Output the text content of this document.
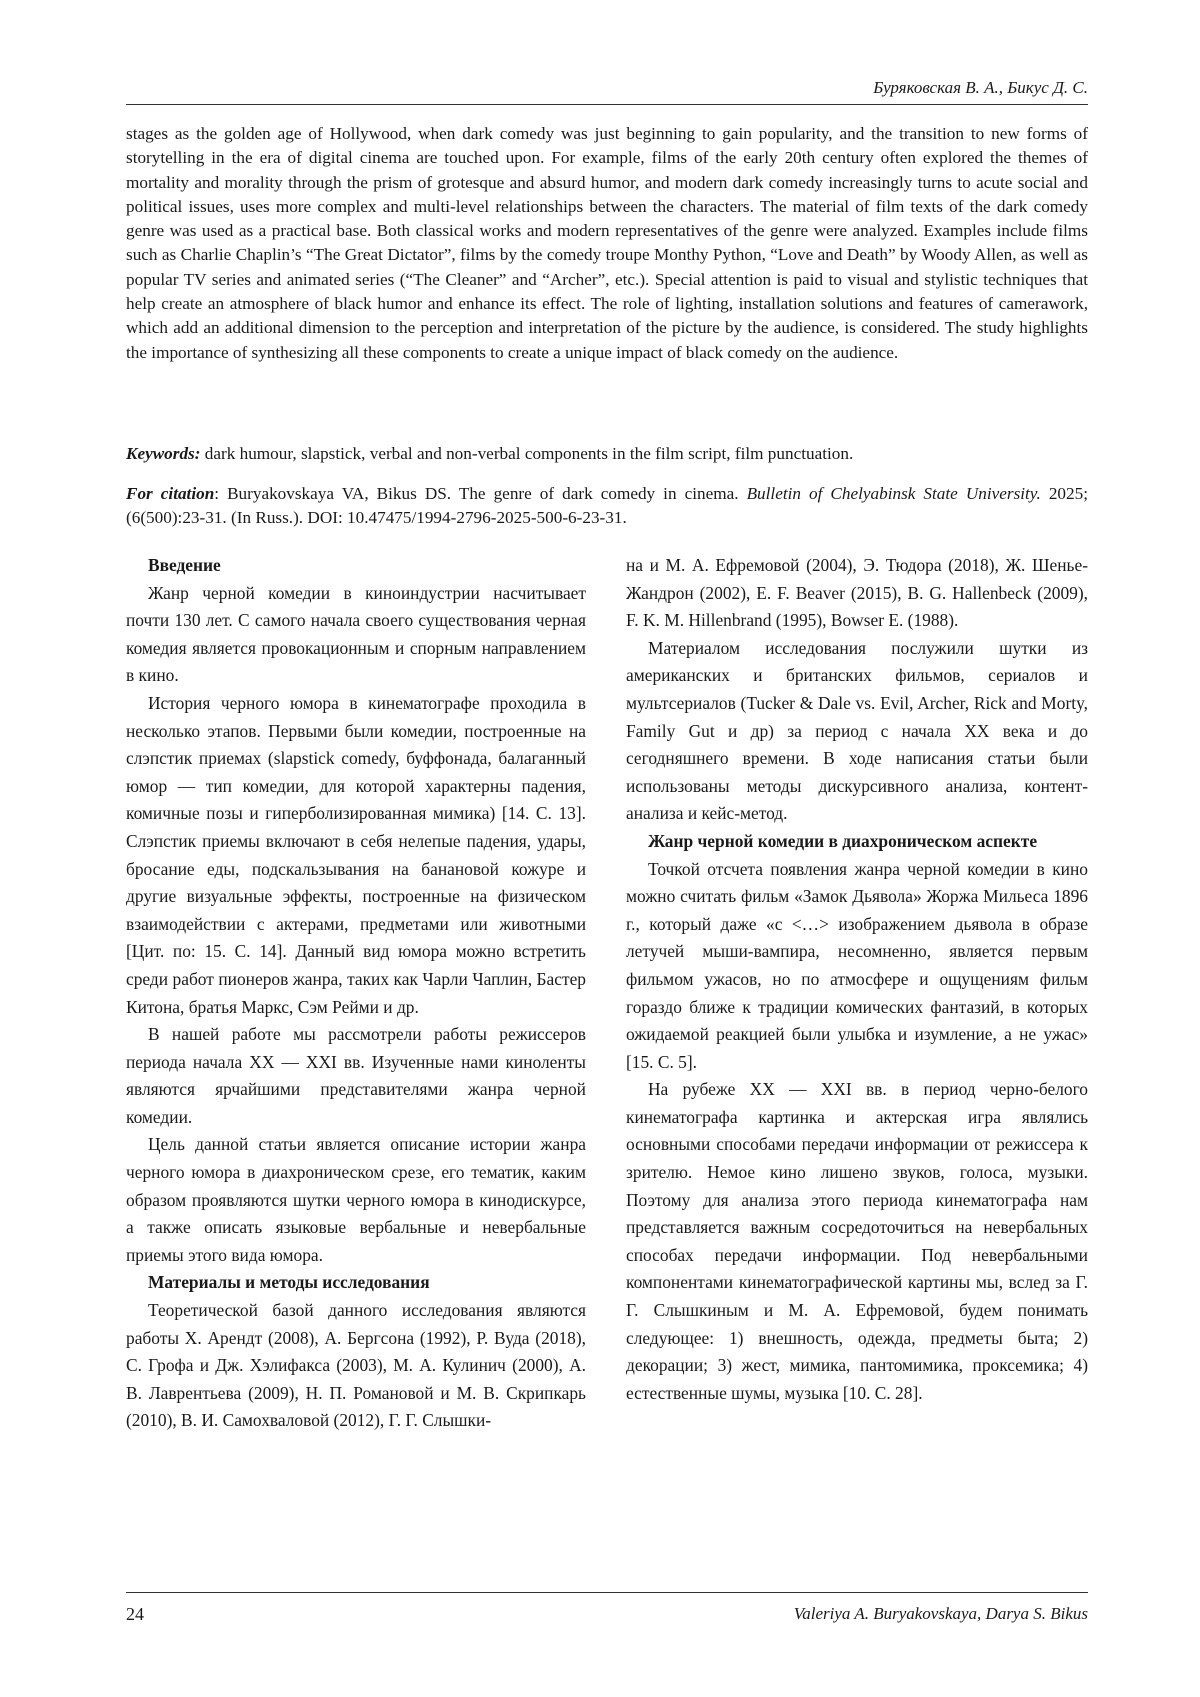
Буряковская В. А., Бикус Д. С.

stages as the golden age of Hollywood, when dark comedy was just beginning to gain popularity, and the transition to new forms of storytelling in the era of digital cinema are touched upon. For example, films of the early 20th century often explored the themes of mortality and morality through the prism of grotesque and absurd humor, and modern dark comedy increasingly turns to acute social and political issues, uses more complex and multi-level relationships between the characters. The material of film texts of the dark comedy genre was used as a practical base. Both classical works and modern representatives of the genre were analyzed. Examples include films such as Charlie Chaplin’s “The Great Dictator”, films by the comedy troupe Monthy Python, “Love and Death” by Woody Allen, as well as popular TV series and animated series (“The Cleaner” and “Archer”, etc.). Special attention is paid to visual and stylistic techniques that help create an atmosphere of black humor and enhance its effect. The role of lighting, installation solutions and features of camerawork, which add an additional dimension to the perception and interpretation of the picture by the audience, is considered. The study highlights the importance of synthesizing all these components to create a unique impact of black comedy on the audience.

Keywords: dark humour, slapstick, verbal and non-verbal components in the film script, film punctuation.

For citation: Buryakovskaya VA, Bikus DS. The genre of dark comedy in cinema. Bulletin of Chelyabinsk State University. 2025;(6(500):23-31. (In Russ.). DOI: 10.47475/1994-2796-2025-500-6-23-31.

Введение

Жанр черной комедии в киноиндустрии насчитывает почти 130 лет. С самого начала своего существования черная комедия является провокационным и спорным направлением в кино.

История черного юмора в кинематографе проходила в несколько этапов. Первыми были комедии, построенные на слэпстик приемах (slapstick comedy, буффонада, балаганный юмор — тип комедии, для которой характерны падения, комичные позы и гиперболизированная мимика) [14. С. 13]. Слэпстик приемы включают в себя нелепые падения, удары, бросание еды, подскальзывания на банановой кожуре и другие визуальные эффекты, построенные на физическом взаимодействии с актерами, предметами или животными [Цит. по: 15. С. 14]. Данный вид юмора можно встретить среди работ пионеров жанра, таких как Чарли Чаплин, Бастер Китона, братья Маркс, Сэм Рейми и др.

В нашей работе мы рассмотрели работы режиссеров периода начала XX — XXI вв. Изученные нами киноленты являются ярчайшими представителями жанра черной комедии.

Цель данной статьи является описание истории жанра черного юмора в диахроническом срезе, его тематик, каким образом проявляются шутки черного юмора в кинодискурсе, а также описать языковые вербальные и невербальные приемы этого вида юмора.

Материалы и методы исследования

Теоретической базой данного исследования являются работы Х. Арендт (2008), А. Бергсона (1992), Р. Вуда (2018), С. Грофа и Дж. Хэлифакса (2003), М. А. Кулинич (2000), А. В. Лаврентьева (2009), Н. П. Романовой и М. В. Скрипкарь (2010), В. И. Самохваловой (2012), Г. Г. Слышки-

на и М. А. Ефремовой (2004), Э. Тюдора (2018), Ж. Шенье-Жандрон (2002), E. F. Beaver (2015), B. G. Hallenbeck (2009), F. K. M. Hillenbrand (1995), Bowser E. (1988).

Материалом исследования послужили шутки из американских и британских фильмов, сериалов и мультсериалов (Tucker & Dale vs. Evil, Archer, Rick and Morty, Family Gut и др) за период с начала XX века и до сегодняшнего времени. В ходе написания статьи были использованы методы дискурсивного анализа, контент-анализа и кейс-метод.

Жанр черной комедии в диахроническом аспекте

Точкой отсчета появления жанра черной комедии в кино можно считать фильм «Замок Дьявола» Жоржа Мильеса 1896 г., который даже «с <…> изображением дьявола в образе летучей мыши-вампира, несомненно, является первым фильмом ужасов, но по атмосфере и ощущениям фильм гораздо ближе к традиции комических фантазий, в которых ожидаемой реакцией были улыбка и изумление, а не ужас» [15. С. 5].

На рубеже XX — XXI вв. в период черно-белого кинематографа картинка и актерская игра являлись основными способами передачи информации от режиссера к зрителю. Немое кино лишено звуков, голоса, музыки. Поэтому для анализа этого периода кинематографа нам представляется важным сосредоточиться на невербальных способах передачи информации. Под невербальными компонентами кинематографической картины мы, вслед за Г. Г. Слышкиным и М. А. Ефремовой, будем понимать следующее: 1) внешность, одежда, предметы быта; 2) декорации; 3) жест, мимика, пантомимика, проксемика; 4) естественные шумы, музыка [10. С. 28].

24	Valeriya A. Buryakovskaya, Darya S. Bikus
